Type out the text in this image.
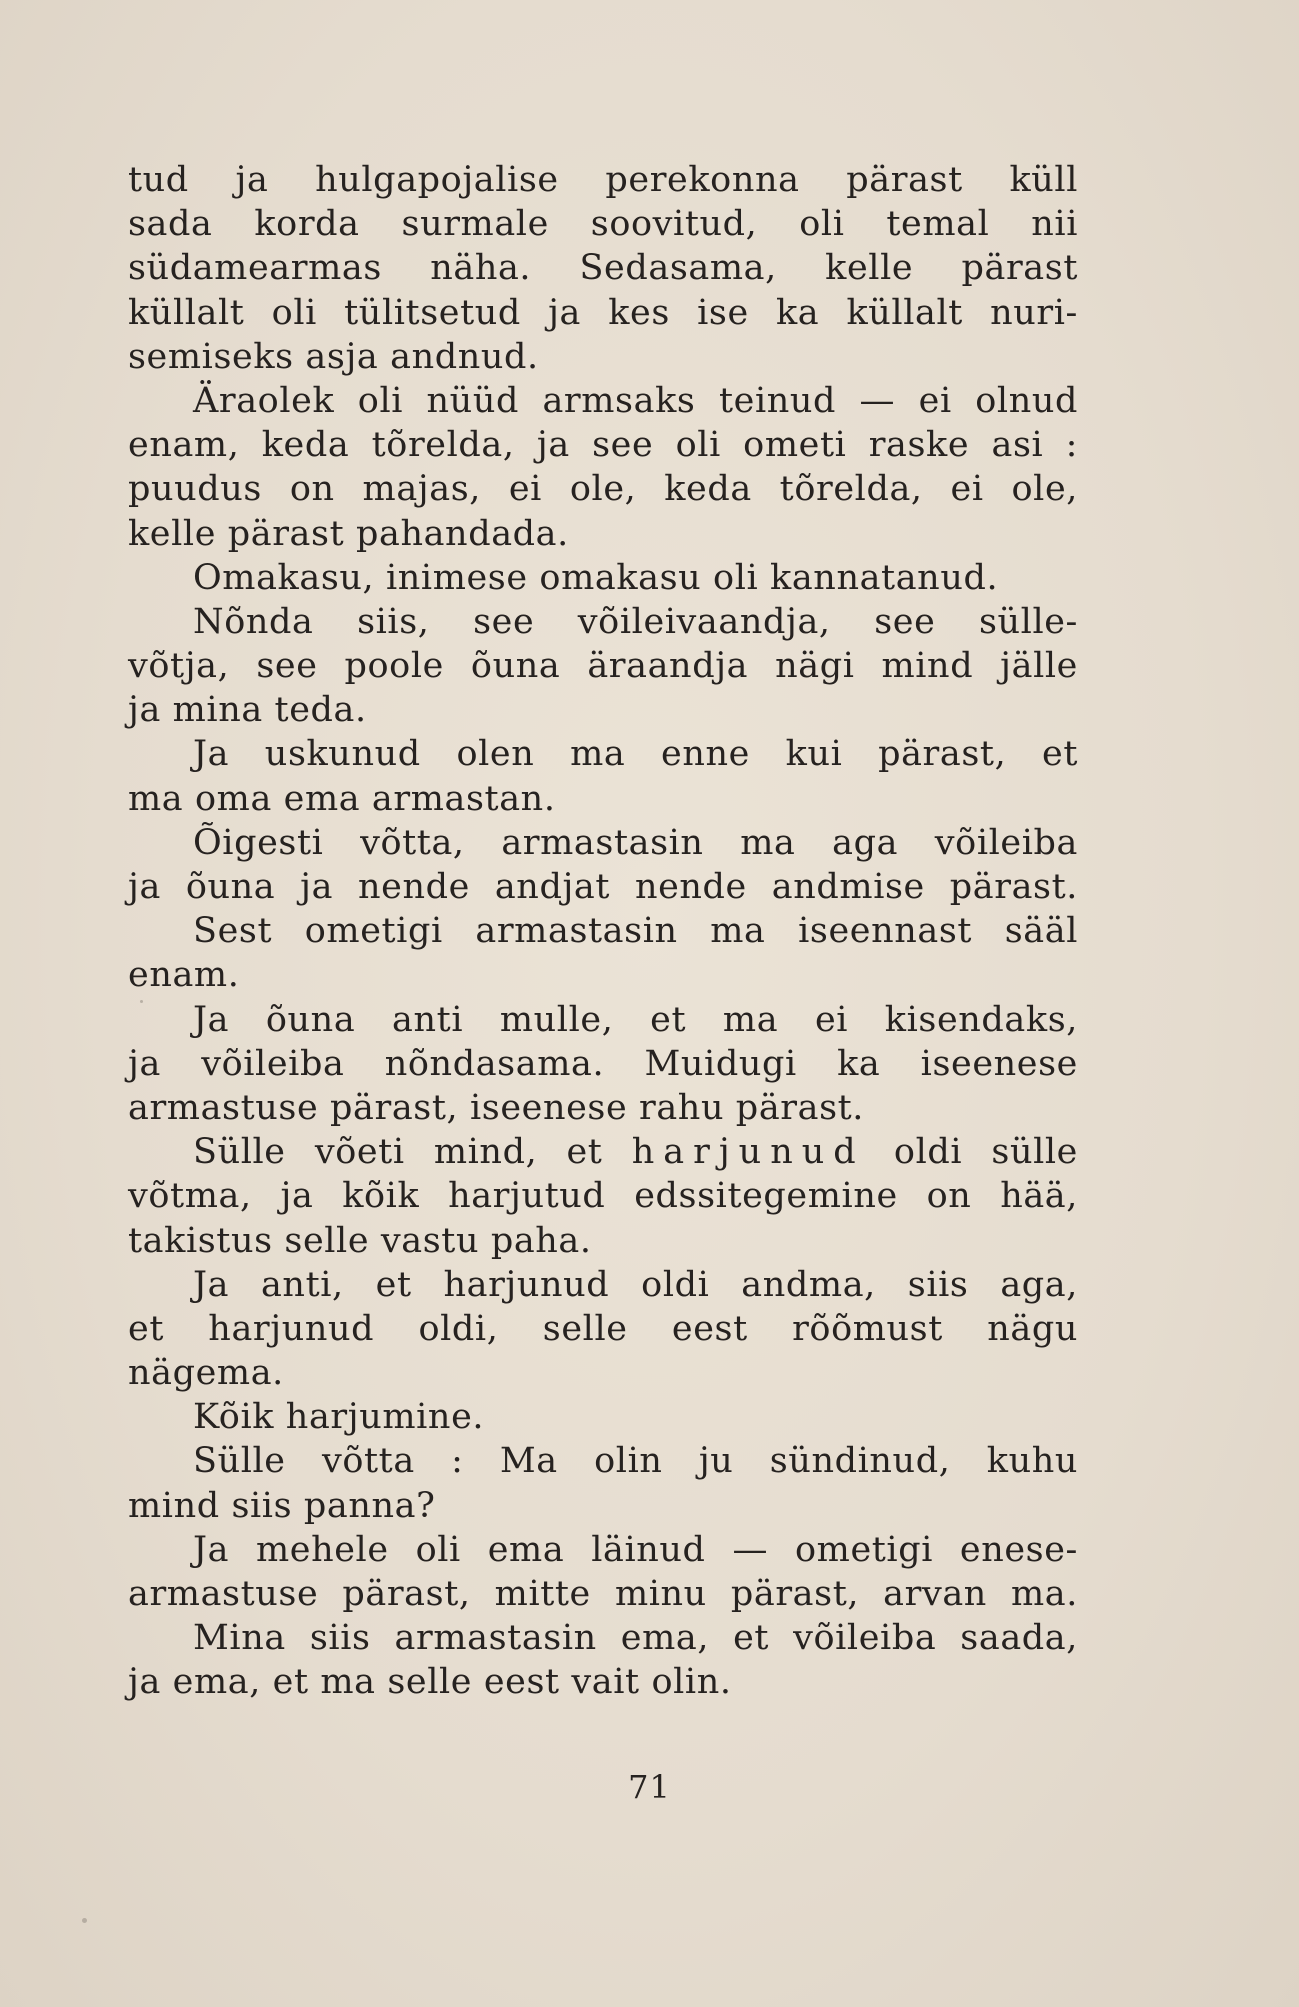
tud ja hulgapojalise perekonna pärast küll
sada korda surmale soovitud, oli temal nii
südamearmas näha. Sedasama, kelle pärast
küllalt oli tülitsetud ja kes ise ka küllalt nuri-
semiseks asja andnud.
Äraolek oli nüüd armsaks teinud — ei olnud
enam, keda tõrelda, ja see oli ometi raske asi :
puudus on majas, ei ole, keda tõrelda, ei ole,
kelle pärast pahandada.
Omakasu, inimese omakasu oli kannatanud.
Nõnda siis, see võileivaandja, see sülle-
võtja, see poole õuna äraandja nägi mind jälle
ja mina teda.
Ja uskunud olen ma enne kui pärast, et
ma oma ema armastan.
Õigesti võtta, armastasin ma aga võileiba
ja õuna ja nende andjat nende andmise pärast.
Sest ometigi armastasin ma iseennast sääl
enam.
Ja õuna anti mulle, et ma ei kisendaks,
ja võileiba nõndasama. Muidugi ka iseenese
armastuse pärast, iseenese rahu pärast.
Sülle võeti mind, et harjunud oldi sülle
võtma, ja kõik harjutud edssitegemine on hää,
takistus selle vastu paha.
Ja anti, et harjunud oldi andma, siis aga,
et harjunud oldi, selle eest rõõmust nägu
nägema.
Kõik harjumine.
Sülle võtta : Ma olin ju sündinud, kuhu
mind siis panna?
Ja mehele oli ema läinud — ometigi enese-
armastuse pärast, mitte minu pärast, arvan ma.
Mina siis armastasin ema, et võileiba saada,
ja ema, et ma selle eest vait olin.
71
